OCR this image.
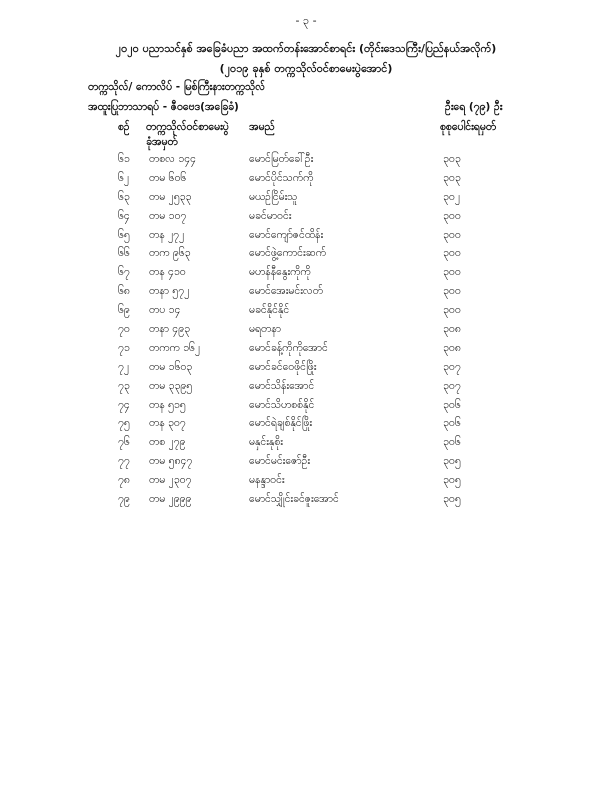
- ၃ -
၂၀၂၀ ပညာသင်နှစ် အခြေခံပညာ အထက်တန်းအောင်စာရင်း (တိုင်းဒေသကြီး/ပြည်နယ်အလိုက်)
(၂၀၁၉ ခုနှစ် တက္ကသိုလ်ဝင်စာမေးပွဲအောင်)
တက္ကသိုလ်/ ကောလိပ် - မြစ်ကြီးနားတက္ကသိုလ်
အထူးပြုဘာသာရပ် - ဇီဝဗေဒ(အခြေခံ)	ဦးရေ (၇၉) ဦး
စဉ် တက္ကသိုလ်ဝင်စာမေးပွဲ
ခုံအမှတ်
အမည်	စုစုပေါင်းရမှတ်
၆၁ တစလ ၁၄၄	မောင်မြတ်ခေါ်ဦး	၃၀၃
၆၂ တမ ၆၀၆	မောင်ပိုင်သက်ကို	၃၀၃
၆၃ တမ ၂၅၃၃	မယဉ်ငြိမ်းသူ	၃၀၂
၆၄ တမ ၁၀၇	မခင်မာဝင်း	၃၀၀
၆၅ တန ၂၇၂	မောင်ကျော်ဇင်ထိန်း	၃၀၀
၆၆ တက ၉၆၃	မောင်ဖွဲ့ကောင်းဆက်	၃၀၀
၆၇ တန ၄၁၀	မဟန်နီနွေးကိုကို	၃၀၀
၆၈ တနာ ၅၇၂	မောင်အေးမင်းလတ်	၃၀၀
၆၉ တပ ၁၄	မခင်နိုင်နိုင်	၃၀၀
၇၀ တနာ ၄၉၃	မရတနာ	၃၀၈
၇၁ တကက ၁၆၂	မောင်ခန့်ကိုကိုအောင်	၃၀၈
၇၂ တမ ၁၆၀၃	မောင်ခင်ဝေဖိုင်ဖြိုး	၃၀၇
၇၃ တမ ၃၃၉၅	မောင်သိန်းအောင်	၃၀၇
၇၄ တန ၅၁၅	မောင်သိဟစစ်နိုင်	၃၀၆
၇၅ တန ၃၀၇	မောင်ရဲချစ်နိုင်ဖြိုး	၃၀၆
၇၆ တစ ၂၇၉	မနှင်းနုစိုး	၃၀၆
၇၇ တမ ၅၈၄၇	မောင်မင်းဇော်ဦး	၃၀၅
၇၈ တမ ၂၃၀၇	မနန္ဒာဝင်း	၃၀၅
၇၉ တမ ၂၉၉၉	မောင်သျှိုင်းခင်ဇူးအောင်	၃၀၅
